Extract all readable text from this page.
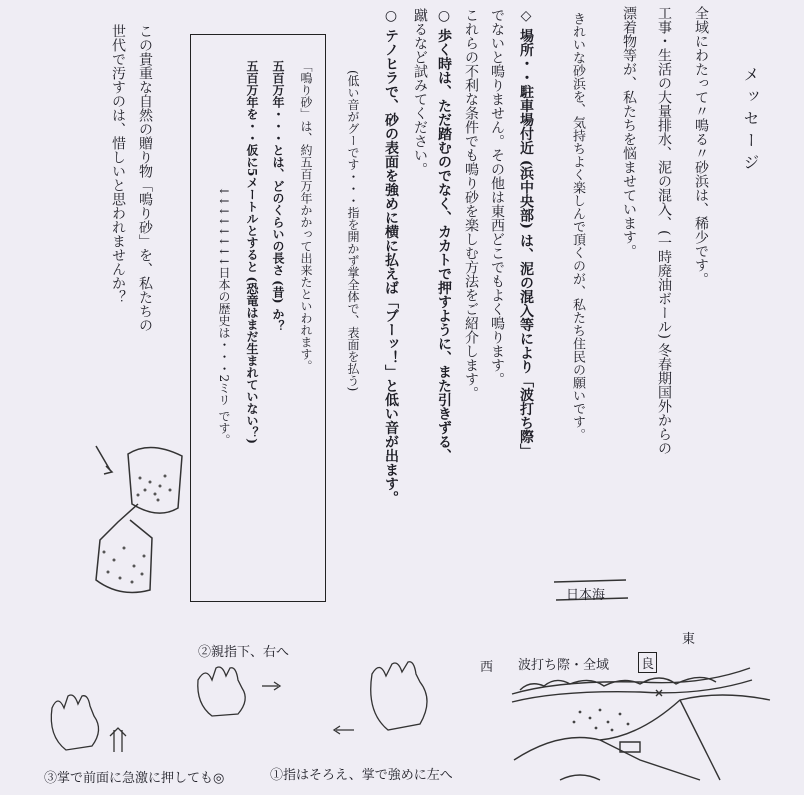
メッセージ
全域にわたって〃鳴る〃砂浜は、稀少です。
工事・生活の大量排水、泥の混入、(一時廃油ボール) 冬春期国外からの
漂着物等が、私たちを悩ませています。
きれいな砂浜を、気持ちよく楽しんで頂くのが、私たち住民の願いです。
◇ 場所・・駐車場付近 (浜中央部) は、泥の混入等により「波打ち際」
でないと鳴りません。その他は東西どこでもよく鳴ります。
これらの不利な条件でも鳴り砂を楽しむ方法をご紹介します。
○ 歩く時は、ただ踏むのでなく、カカトで押すように、また引きずる、
蹴るなど試みてください。
○ テノヒラで、砂の表面を強めに横に払えば「ブーッ！」と低い音が出ます。
(低い音がグーです・・・指を開かず掌全体で、表面を払う)
「鳴り砂」は、約五百万年かかって出来たといわれます。
五百万年・・・とは、どのくらいの長さ (昔) か？
五百万年を・・仮に5メートルとすると (恐竜はまだ生まれていない？)
↓↓↓↓↓↓↓↓日本の歴史は・・・2ミリ です。
この貴重な自然の贈り物「鳴り砂」を、私たちの
世代で汚すのは、惜しいと思われませんか？
日本海
西
東
波打ち際・全域 良
①指はそろえ、掌で強めに左へ
②親指下、右へ
③掌で前面に急激に押しても◎
